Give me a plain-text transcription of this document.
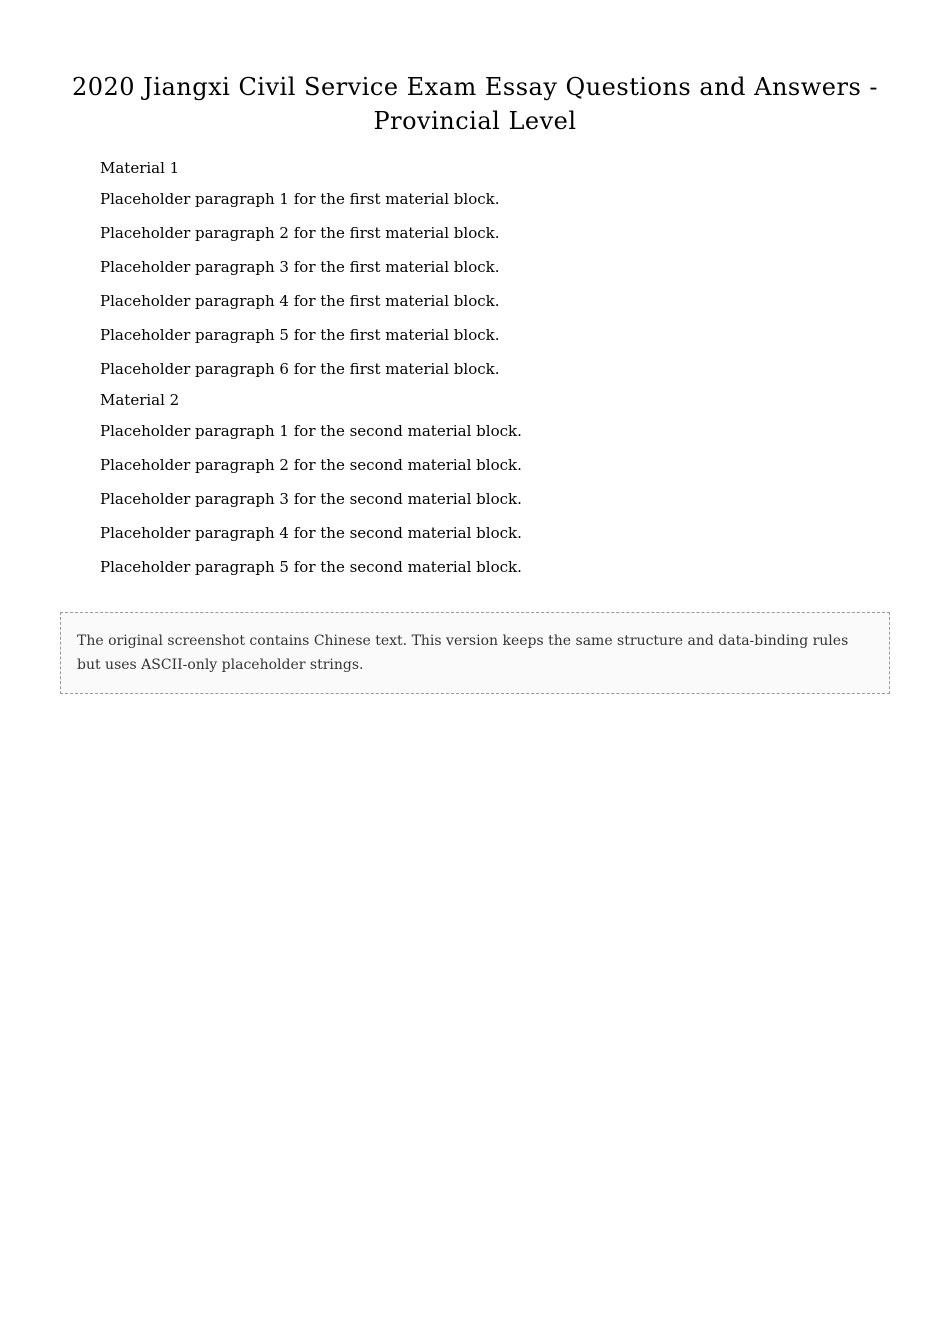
2020 Jiangxi Civil Service Exam Essay Questions and Answers - Provincial Level

Material 1

Placeholder paragraph 1 for the first material block.

Placeholder paragraph 2 for the first material block.

Placeholder paragraph 3 for the first material block.

Placeholder paragraph 4 for the first material block.

Placeholder paragraph 5 for the first material block.

Placeholder paragraph 6 for the first material block.

Material 2

Placeholder paragraph 1 for the second material block.

Placeholder paragraph 2 for the second material block.

Placeholder paragraph 3 for the second material block.

Placeholder paragraph 4 for the second material block.

Placeholder paragraph 5 for the second material block.

The original screenshot contains Chinese text. This version keeps the same structure and data-binding rules but uses ASCII-only placeholder strings.
